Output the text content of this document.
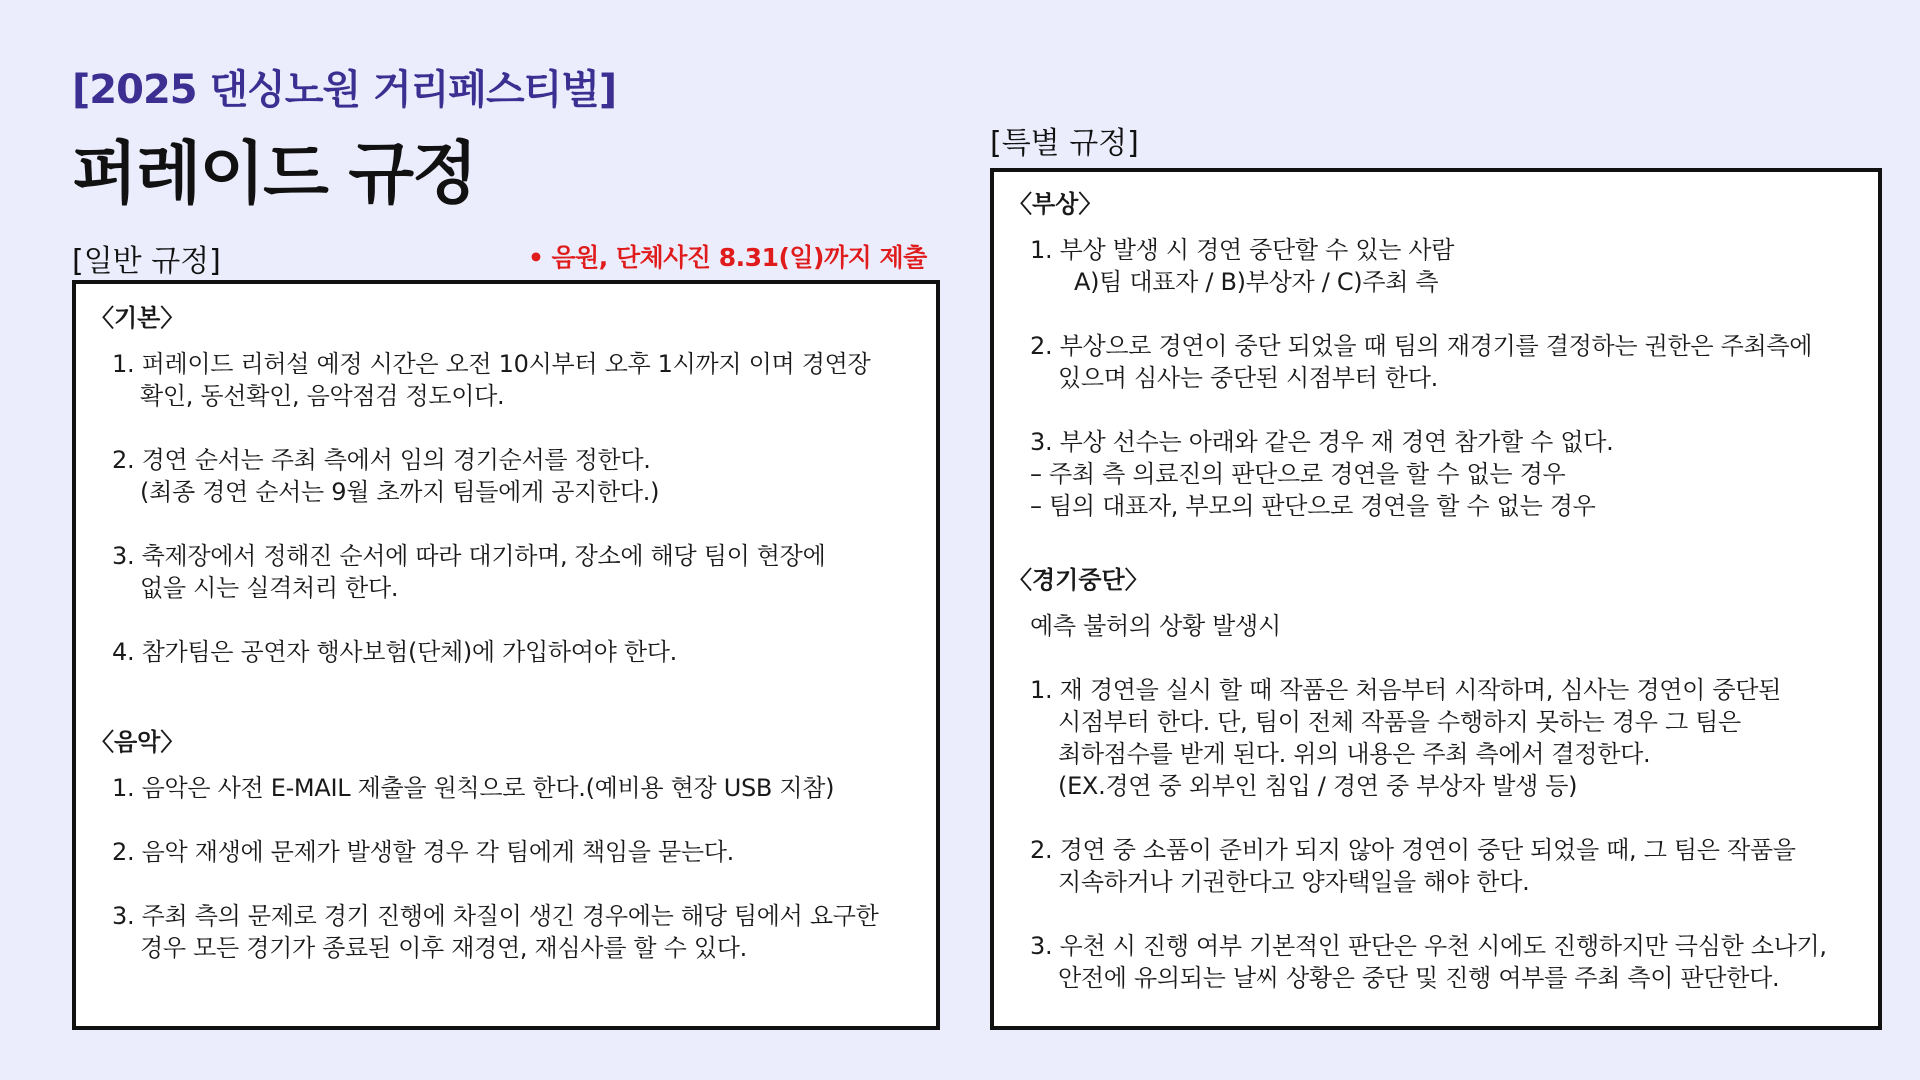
[2025 댄싱노원 거리페스티벌]
퍼레이드 규정
[일반 규정]	• 음원, 단체사진 8.31(일)까지 제출
〈기본〉
1. 퍼레이드 리허설 예정 시간은 오전 10시부터 오후 1시까지 이며 경연장
확인, 동선확인, 음악점검 정도이다.
2. 경연 순서는 주최 측에서 임의 경기순서를 정한다.
(최종 경연 순서는 9월 초까지 팀들에게 공지한다.)
3. 축제장에서 정해진 순서에 따라 대기하며, 장소에 해당 팀이 현장에
없을 시는 실격처리 한다.
4. 참가팀은 공연자 행사보험(단체)에 가입하여야 한다.
〈음악〉
1. 음악은 사전 E-MAIL 제출을 원칙으로 한다.(예비용 현장 USB 지참)
2. 음악 재생에 문제가 발생할 경우 각 팀에게 책임을 묻는다.
3. 주최 측의 문제로 경기 진행에 차질이 생긴 경우에는 해당 팀에서 요구한
경우 모든 경기가 종료된 이후 재경연, 재심사를 할 수 있다.
[특별 규정]
〈부상〉
1. 부상 발생 시 경연 중단할 수 있는 사람
A)팀 대표자 / B)부상자 / C)주최 측
2. 부상으로 경연이 중단 되었을 때 팀의 재경기를 결정하는 권한은 주최측에
있으며 심사는 중단된 시점부터 한다.
3. 부상 선수는 아래와 같은 경우 재 경연 참가할 수 없다.
– 주최 측 의료진의 판단으로 경연을 할 수 없는 경우
– 팀의 대표자, 부모의 판단으로 경연을 할 수 없는 경우
〈경기중단〉
예측 불허의 상황 발생시
1. 재 경연을 실시 할 때 작품은 처음부터 시작하며, 심사는 경연이 중단된
시점부터 한다. 단, 팀이 전체 작품을 수행하지 못하는 경우 그 팀은
최하점수를 받게 된다. 위의 내용은 주최 측에서 결정한다.
(EX.경연 중 외부인 침입 / 경연 중 부상자 발생 등)
2. 경연 중 소품이 준비가 되지 않아 경연이 중단 되었을 때, 그 팀은 작품을
지속하거나 기권한다고 양자택일을 해야 한다.
3. 우천 시 진행 여부 기본적인 판단은 우천 시에도 진행하지만 극심한 소나기,
안전에 유의되는 날씨 상황은 중단 및 진행 여부를 주최 측이 판단한다.
